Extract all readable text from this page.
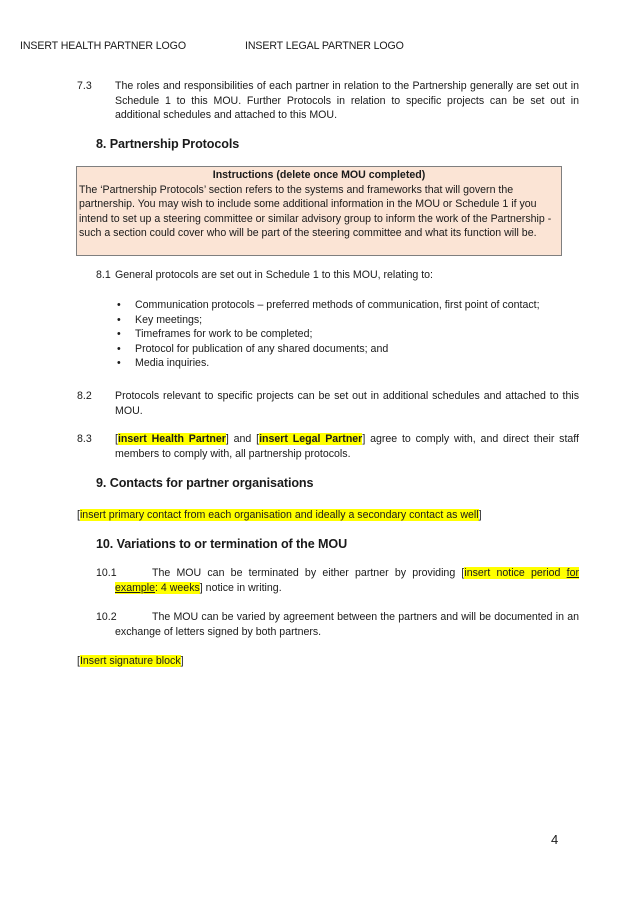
INSERT HEALTH PARTNER LOGO	INSERT LEGAL PARTNER LOGO
7.3 The roles and responsibilities of each partner in relation to the Partnership generally are set out in Schedule 1 to this MOU. Further Protocols in relation to specific projects can be set out in additional schedules and attached to this MOU.
8. Partnership Protocols
Instructions (delete once MOU completed)
The ‘Partnership Protocols’ section refers to the systems and frameworks that will govern the partnership. You may wish to include some additional information in the MOU or Schedule 1 if you intend to set up a steering committee or similar advisory group to inform the work of the Partnership - such a section could cover who will be part of the steering committee and what its function will be.
8.1 General protocols are set out in Schedule 1 to this MOU, relating to:
• Communication protocols – preferred methods of communication, first point of contact;
• Key meetings;
• Timeframes for work to be completed;
• Protocol for publication of any shared documents; and
• Media inquiries.
8.2 Protocols relevant to specific projects can be set out in additional schedules and attached to this MOU.
8.3 [insert Health Partner] and [insert Legal Partner] agree to comply with, and direct their staff members to comply with, all partnership protocols.
9. Contacts for partner organisations
[insert primary contact from each organisation and ideally a secondary contact as well]
10. Variations to or termination of the MOU
10.1	The MOU can be terminated by either partner by providing [insert notice period for example: 4 weeks] notice in writing.
10.2	The MOU can be varied by agreement between the partners and will be documented in an exchange of letters signed by both partners.
[Insert signature block]
4
